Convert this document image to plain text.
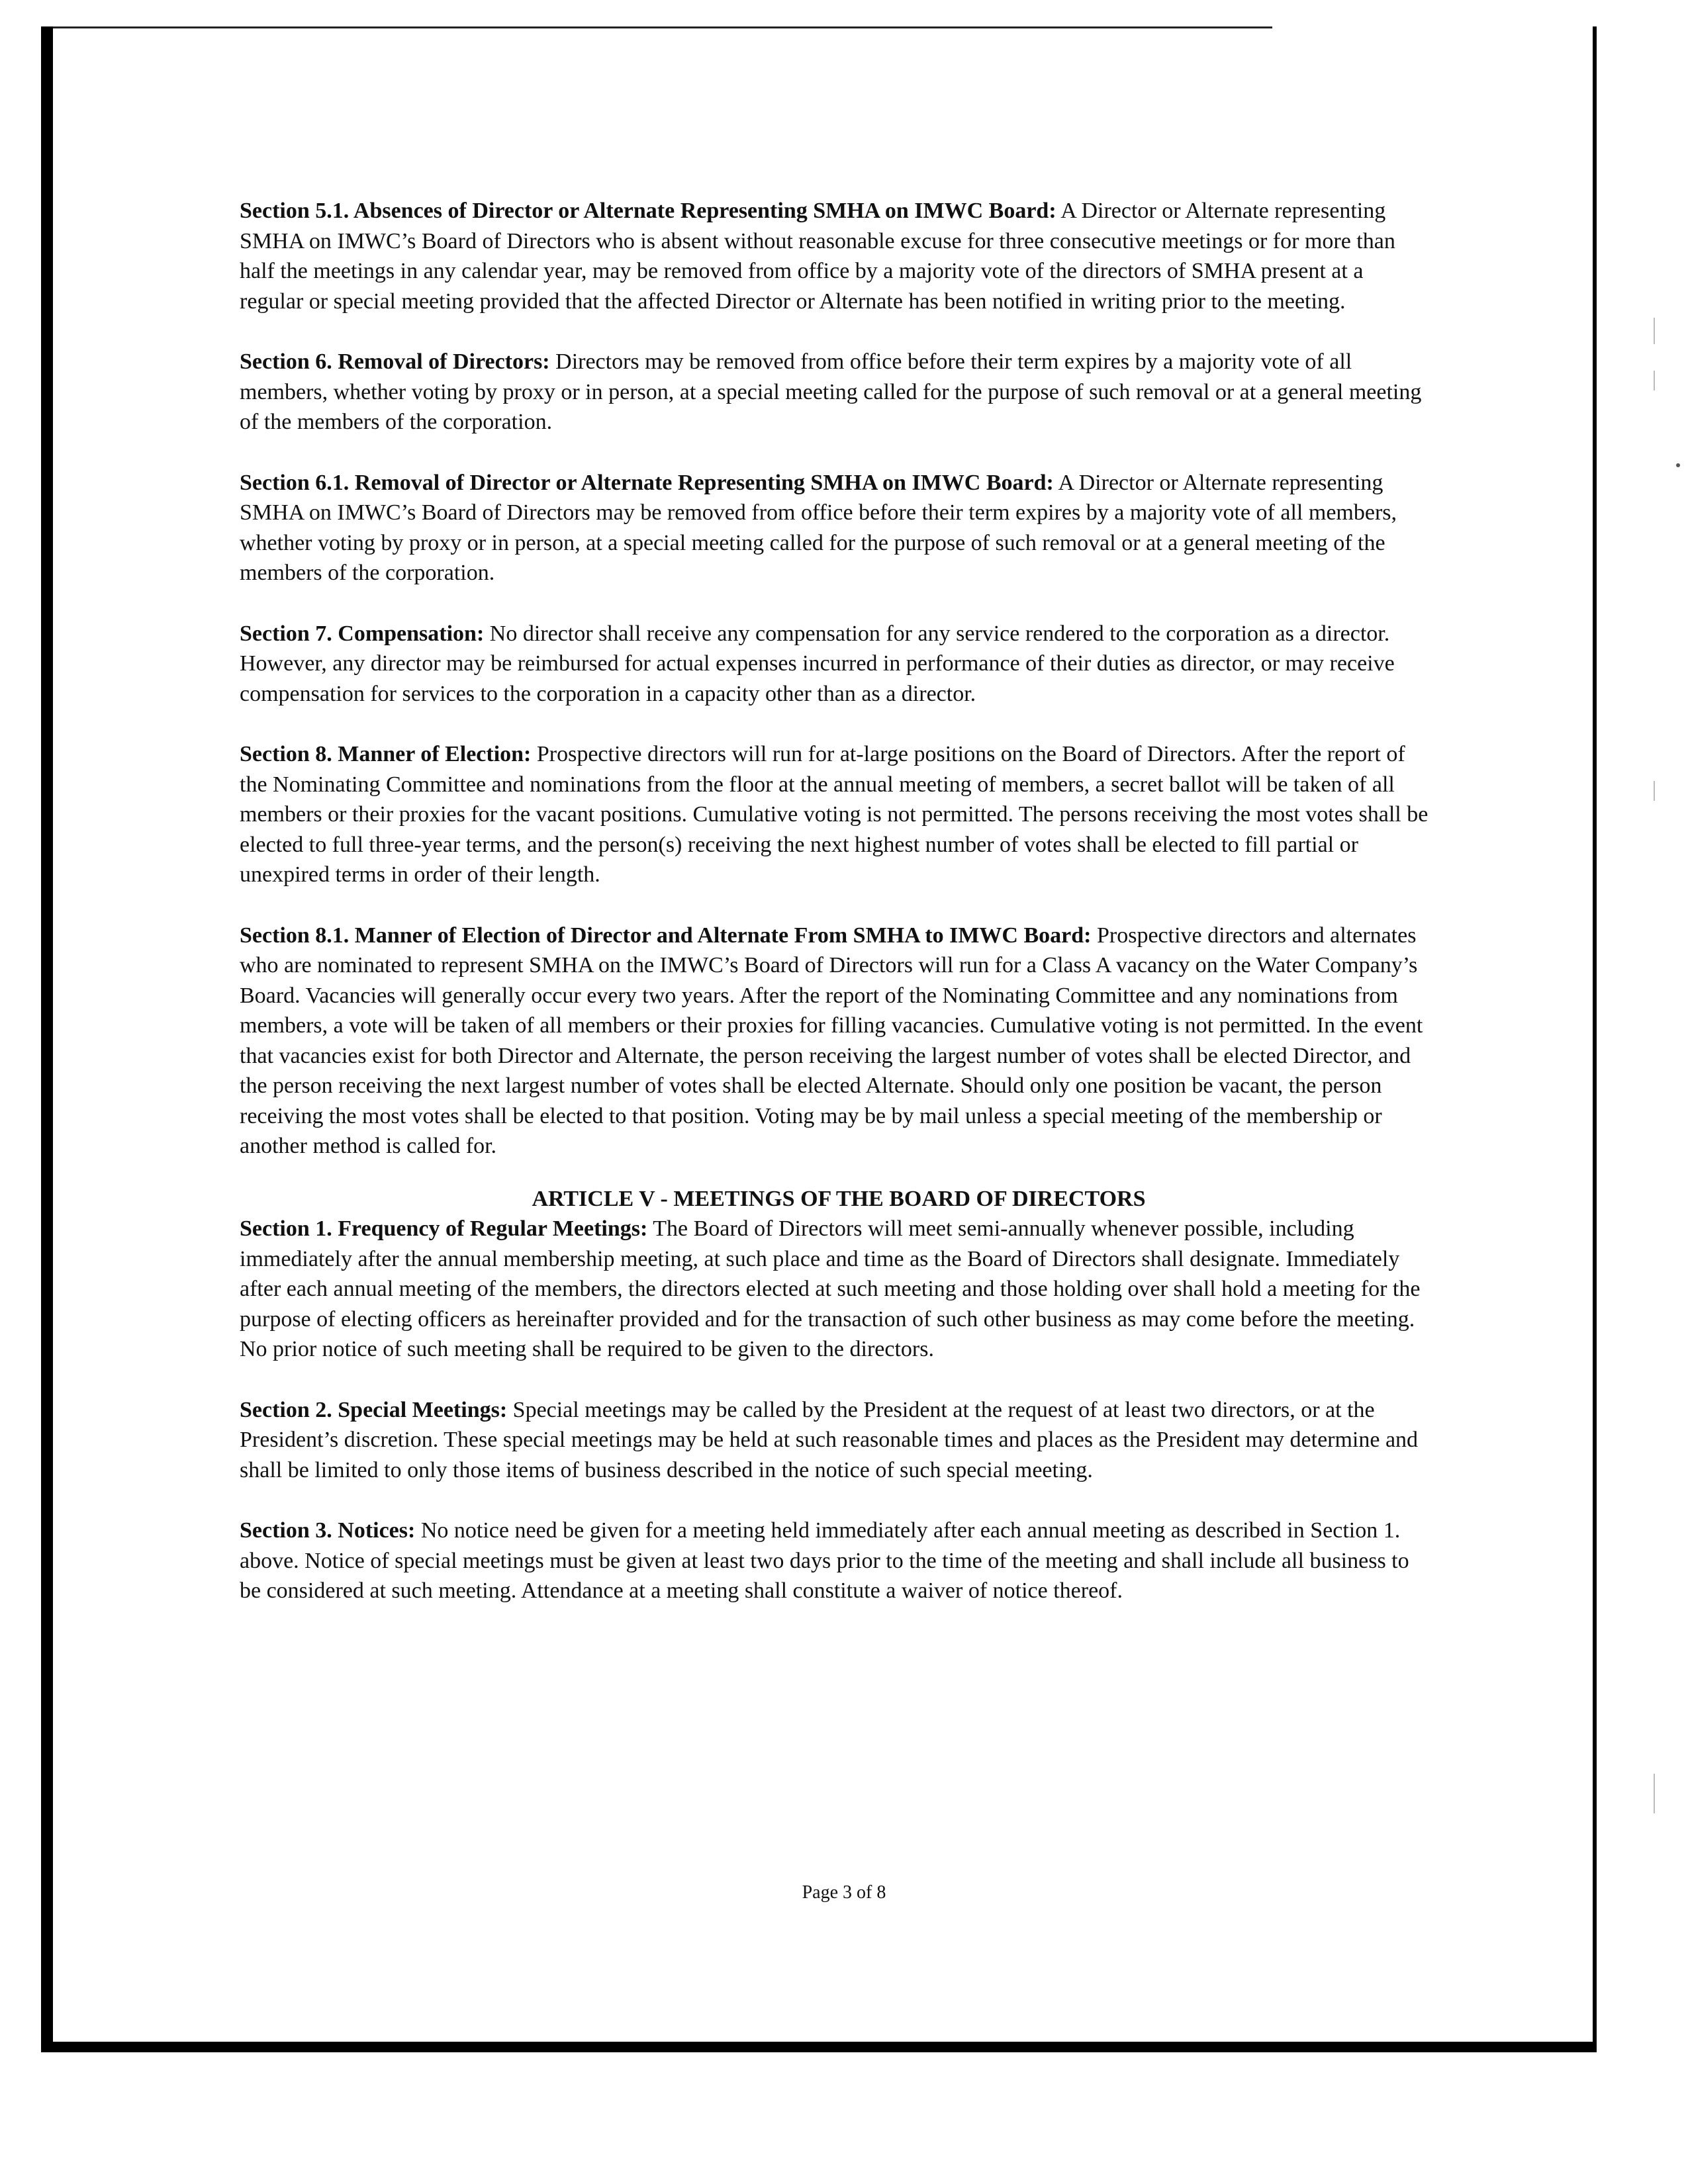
Section 5.1. Absences of Director or Alternate Representing SMHA on IMWC Board: A Director or Alternate representing SMHA on IMWC’s Board of Directors who is absent without reasonable excuse for three consecutive meetings or for more than half the meetings in any calendar year, may be removed from office by a majority vote of the directors of SMHA present at a regular or special meeting provided that the affected Director or Alternate has been notified in writing prior to the meeting.

Section 6. Removal of Directors: Directors may be removed from office before their term expires by a majority vote of all members, whether voting by proxy or in person, at a special meeting called for the purpose of such removal or at a general meeting of the members of the corporation.

Section 6.1. Removal of Director or Alternate Representing SMHA on IMWC Board: A Director or Alternate representing SMHA on IMWC’s Board of Directors may be removed from office before their term expires by a majority vote of all members, whether voting by proxy or in person, at a special meeting called for the purpose of such removal or at a general meeting of the members of the corporation.

Section 7. Compensation: No director shall receive any compensation for any service rendered to the corporation as a director. However, any director may be reimbursed for actual expenses incurred in performance of their duties as director, or may receive compensation for services to the corporation in a capacity other than as a director.

Section 8. Manner of Election: Prospective directors will run for at-large positions on the Board of Directors. After the report of the Nominating Committee and nominations from the floor at the annual meeting of members, a secret ballot will be taken of all members or their proxies for the vacant positions. Cumulative voting is not permitted. The persons receiving the most votes shall be elected to full three-year terms, and the person(s) receiving the next highest number of votes shall be elected to fill partial or unexpired terms in order of their length.

Section 8.1. Manner of Election of Director and Alternate From SMHA to IMWC Board: Prospective directors and alternates who are nominated to represent SMHA on the IMWC’s Board of Directors will run for a Class A vacancy on the Water Company’s Board. Vacancies will generally occur every two years. After the report of the Nominating Committee and any nominations from members, a vote will be taken of all members or their proxies for filling vacancies. Cumulative voting is not permitted. In the event that vacancies exist for both Director and Alternate, the person receiving the largest number of votes shall be elected Director, and the person receiving the next largest number of votes shall be elected Alternate. Should only one position be vacant, the person receiving the most votes shall be elected to that position. Voting may be by mail unless a special meeting of the membership or another method is called for.

ARTICLE V - MEETINGS OF THE BOARD OF DIRECTORS

Section 1. Frequency of Regular Meetings: The Board of Directors will meet semi-annually whenever possible, including immediately after the annual membership meeting, at such place and time as the Board of Directors shall designate. Immediately after each annual meeting of the members, the directors elected at such meeting and those holding over shall hold a meeting for the purpose of electing officers as hereinafter provided and for the transaction of such other business as may come before the meeting. No prior notice of such meeting shall be required to be given to the directors.

Section 2. Special Meetings: Special meetings may be called by the President at the request of at least two directors, or at the President’s discretion. These special meetings may be held at such reasonable times and places as the President may determine and shall be limited to only those items of business described in the notice of such special meeting.

Section 3. Notices: No notice need be given for a meeting held immediately after each annual meeting as described in Section 1. above. Notice of special meetings must be given at least two days prior to the time of the meeting and shall include all business to be considered at such meeting. Attendance at a meeting shall constitute a waiver of notice thereof.

Page 3 of 8
